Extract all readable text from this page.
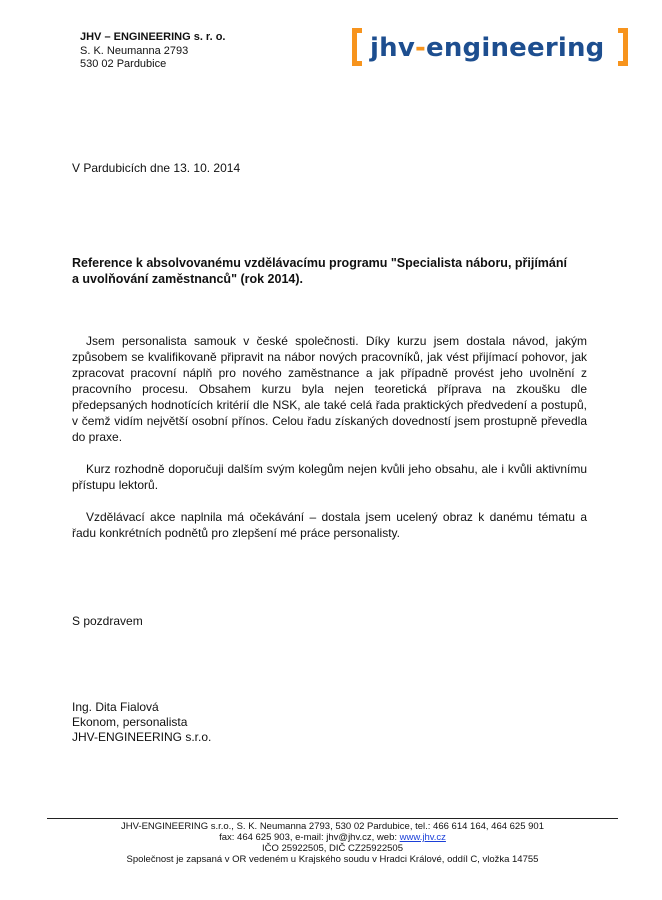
JHV – ENGINEERING s. r. o.
S. K. Neumanna 2793
530 02 Pardubice
jhv-engineering
V Pardubicích dne 13. 10. 2014
Reference k absolvovanému vzdělávacímu programu "Specialista náboru, přijímání a uvolňování zaměstnanců" (rok 2014).

Jsem personalista samouk v české společnosti. Díky kurzu jsem dostala návod, jakým způsobem se kvalifikovaně připravit na nábor nových pracovníků, jak vést přijímací pohovor, jak zpracovat pracovní náplň pro nového zaměstnance a jak případně provést jeho uvolnění z pracovního procesu. Obsahem kurzu byla nejen teoretická příprava na zkoušku dle předepsaných hodnotících kritérií dle NSK, ale také celá řada praktických předvedení a postupů, v čemž vidím největší osobní přínos. Celou řadu získaných dovedností jsem prostupně převedla do praxe.

Kurz rozhodně doporučuji dalším svým kolegům nejen kvůli jeho obsahu, ale i kvůli aktivnímu přístupu lektorů.

Vzdělávací akce naplnila má očekávání – dostala jsem ucelený obraz k danému tématu a řadu konkrétních podnětů pro zlepšení mé práce personalisty.

S pozdravem
Ing. Dita Fialová
Ekonom, personalista
JHV-ENGINEERING s.r.o.
JHV-ENGINEERING s.r.o., S. K. Neumanna 2793, 530 02 Pardubice, tel.: 466 614 164, 464 625 901
fax: 464 625 903, e-mail: jhv@jhv.cz, web: www.jhv.cz
IČO 25922505, DIČ CZ25922505
Společnost je zapsaná v OR vedeném u Krajského soudu v Hradci Králové, oddíl C, vložka 14755
